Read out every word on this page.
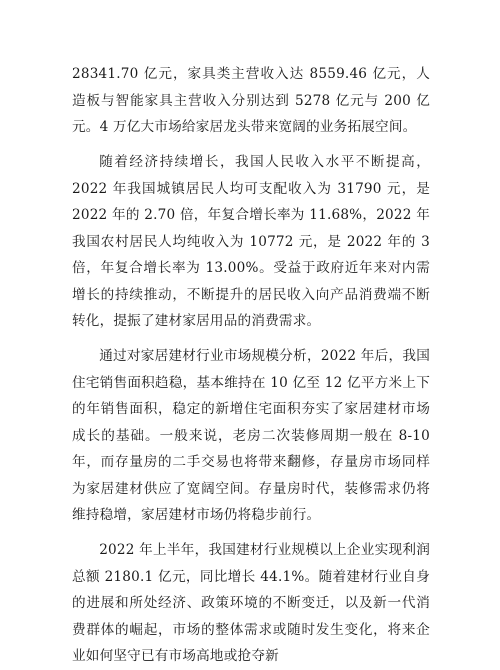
28341.70 亿元，家具类主营收入达 8559.46 亿元，人造板与智能家具主营收入分别达到 5278 亿元与 200 亿元。4 万亿大市场给家居龙头带来宽阔的业务拓展空间。

随着经济持续增长，我国人民收入水平不断提高，2022 年我国城镇居民人均可支配收入为 31790 元，是 2022 年的 2.70 倍，年复合增长率为 11.68%，2022 年我国农村居民人均纯收入为 10772 元，是 2022 年的 3 倍，年复合增长率为 13.00%。受益于政府近年来对内需增长的持续推动，不断提升的居民收入向产品消费端不断转化，提振了建材家居用品的消费需求。

通过对家居建材行业市场规模分析，2022 年后，我国住宅销售面积趋稳，基本维持在 10 亿至 12 亿平方米上下的年销售面积，稳定的新增住宅面积夯实了家居建材市场成长的基础。一般来说，老房二次装修周期一般在 8-10 年，而存量房的二手交易也将带来翻修，存量房市场同样为家居建材供应了宽阔空间。存量房时代，装修需求仍将维持稳增，家居建材市场仍将稳步前行。

2022 年上半年，我国建材行业规模以上企业实现利润总额 2180.1 亿元，同比增长 44.1%。随着建材行业自身的进展和所处经济、政策环境的不断变迁，以及新一代消费群体的崛起，市场的整体需求或随时发生变化，将来企业如何坚守已有市场高地或抢夺新
